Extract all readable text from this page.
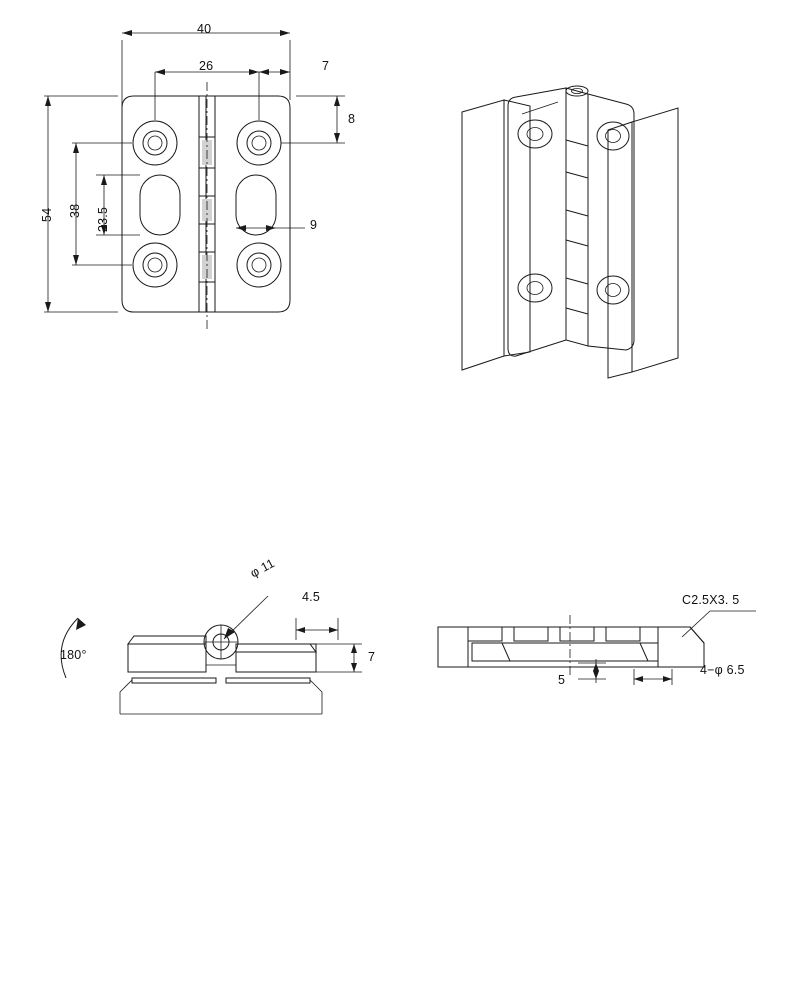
40
26	7
8
54 38 23.5	9
180°
φ 11
4.5
7
C2.5X3. 5
4−φ 6.5
5
